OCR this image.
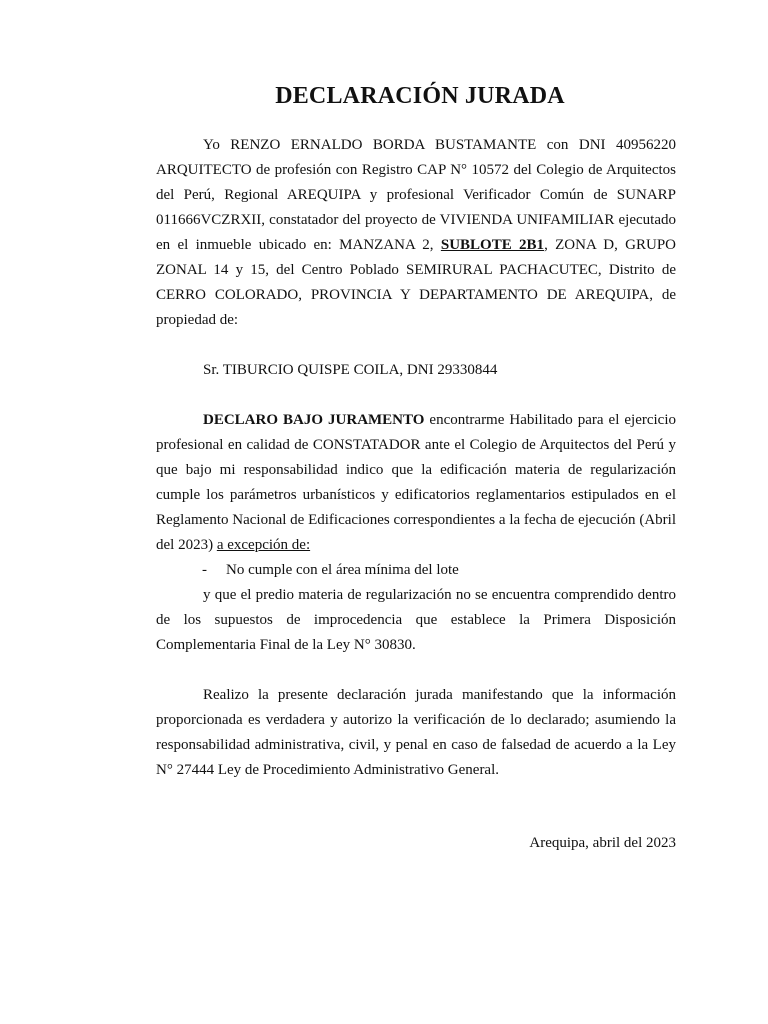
DECLARACIÓN JURADA

Yo RENZO ERNALDO BORDA BUSTAMANTE con DNI 40956220 ARQUITECTO de profesión con Registro CAP N° 10572 del Colegio de Arquitectos del Perú, Regional AREQUIPA y profesional Verificador Común de SUNARP 011666VCZRXII, constatador del proyecto de VIVIENDA UNIFAMILIAR ejecutado en el inmueble ubicado en: MANZANA 2, SUBLOTE 2B1, ZONA D, GRUPO ZONAL 14 y 15, del Centro Poblado SEMIRURAL PACHACUTEC, Distrito de CERRO COLORADO, PROVINCIA Y DEPARTAMENTO DE AREQUIPA, de propiedad de:

Sr. TIBURCIO QUISPE COILA, DNI 29330844

DECLARO BAJO JURAMENTO encontrarme Habilitado para el ejercicio profesional en calidad de CONSTATADOR ante el Colegio de Arquitectos del Perú y que bajo mi responsabilidad indico que la edificación materia de regularización cumple los parámetros urbanísticos y edificatorios reglamentarios estipulados en el Reglamento Nacional de Edificaciones correspondientes a la fecha de ejecución (Abril del 2023) a excepción de:

-	No cumple con el área mínima del lote

y que el predio materia de regularización no se encuentra comprendido dentro de los supuestos de improcedencia que establece la Primera Disposición Complementaria Final de la Ley N° 30830.

Realizo la presente declaración jurada manifestando que la información proporcionada es verdadera y autorizo la verificación de lo declarado; asumiendo la responsabilidad administrativa, civil, y penal en caso de falsedad de acuerdo a la Ley N° 27444 Ley de Procedimiento Administrativo General.

Arequipa, abril del 2023
